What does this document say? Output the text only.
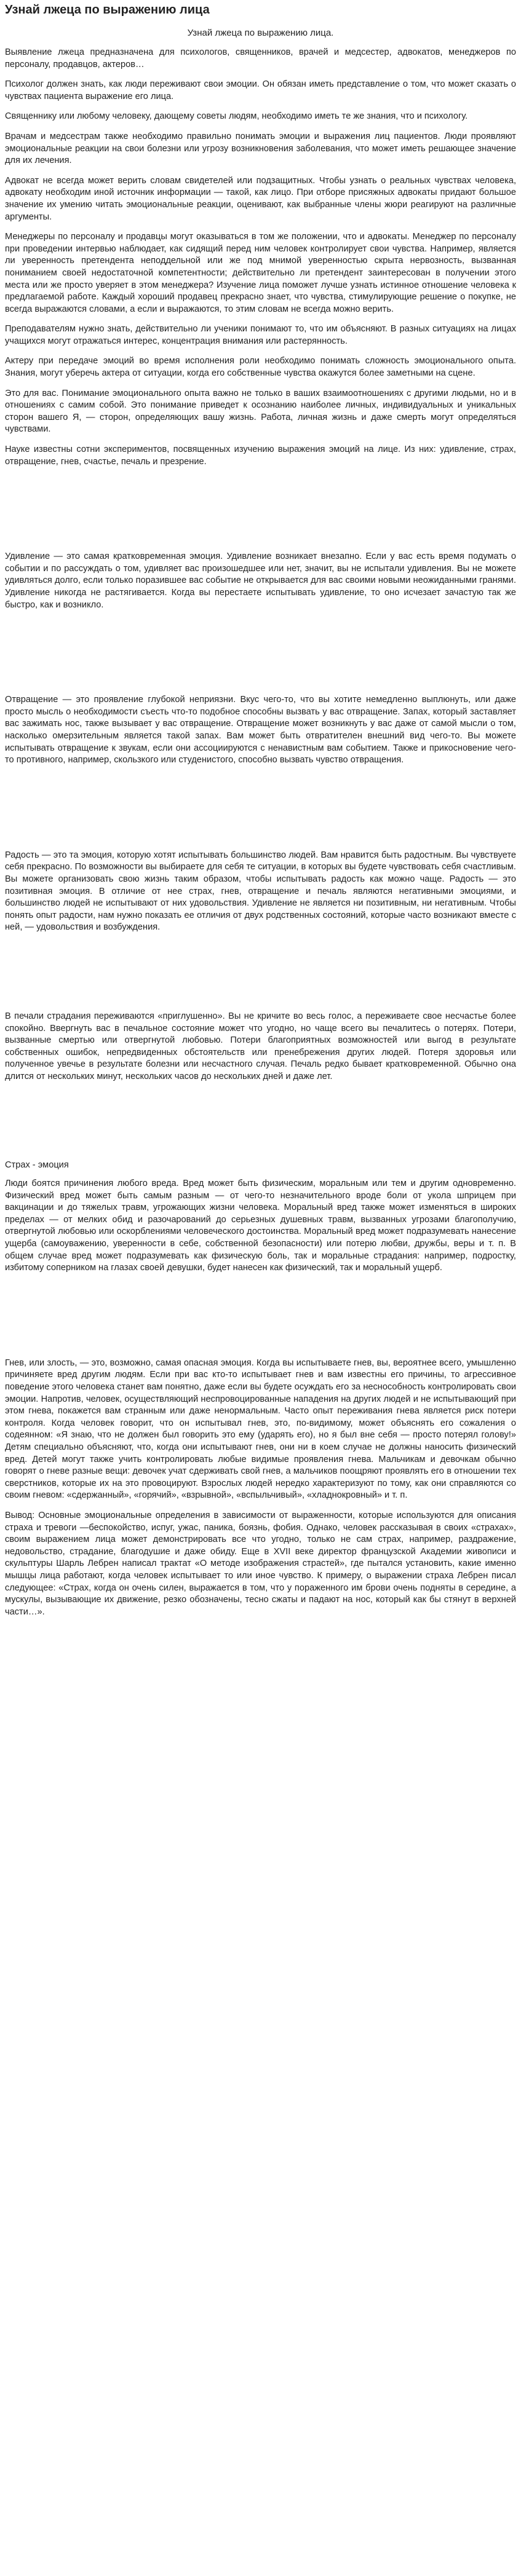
Узнай лжеца по выражению лица
Узнай лжеца по выражению лица.

Выявление лжеца предназначена для психологов, священников, врачей и медсестер, адвокатов, менеджеров по персоналу, продавцов, актеров…

Психолог должен знать, как люди переживают свои эмоции. Он обязан иметь представление о том, что может сказать о чувствах пациента выражение его лица.

Священнику или любому человеку, дающему советы людям, необходимо иметь те же знания, что и психологу.

Врачам и медсестрам также необходимо правильно понимать эмоции и выражения лиц пациентов. Люди проявляют эмоциональные реакции на свои болезни или угрозу возникновения заболевания, что может иметь решающее значение для их лечения.

Адвокат не всегда может верить словам свидетелей или подзащитных. Чтобы узнать о реальных чувствах человека, адвокату необходим иной источник информации — такой, как лицо. При отборе присяжных адвокаты придают большое значение их умению читать эмоциональные реакции, оценивают, как выбранные члены жюри реагируют на различные аргументы.

Менеджеры по персоналу и продавцы могут оказываться в том же положении, что и адвокаты. Менеджер по персоналу при проведении интервью наблюдает, как сидящий перед ним человек контролирует свои чувства. Например, является ли уверенность претендента неподдельной или же под мнимой уверенностью скрыта нервозность, вызванная пониманием своей недостаточной компетентности; действительно ли претендент заинтересован в получении этого места или же просто уверяет в этом менеджера? Изучение лица поможет лучше узнать истинное отношение человека к предлагаемой работе. Каждый хороший продавец прекрасно знает, что чувства, стимулирующие решение о покупке, не всегда выражаются словами, а если и выражаются, то этим словам не всегда можно верить.

Преподавателям нужно знать, действительно ли ученики понимают то, что им объясняют. В разных ситуациях на лицах учащихся могут отражаться интерес, концентрация внимания или растерянность.

Актеру при передаче эмоций во время исполнения роли необходимо понимать сложность эмоционального опыта. Знания, могут уберечь актера от ситуации, когда его собственные чувства окажутся более заметными на сцене.

Это для вас. Понимание эмоционального опыта важно не только в ваших взаимоотношениях с другими людьми, но и в отношениях с самим собой. Это понимание приведет к осознанию наиболее личных, индивидуальных и уникальных сторон вашего Я, — сторон, определяющих вашу жизнь. Работа, личная жизнь и даже смерть могут определяться чувствами.

Науке известны сотни экспериментов, посвященных изучению выражения эмоций на лице. Из них: удивление, страх, отвращение, гнев, счастье, печаль и презрение.

Удивление — это самая кратковременная эмоция. Удивление возникает внезапно. Если у вас есть время подумать о событии и по рассуждать о том, удивляет вас произошедшее или нет, значит, вы не испытали удивления. Вы не можете удивляться долго, если только поразившее вас событие не открывается для вас своими новыми неожиданными гранями. Удивление никогда не растягивается. Когда вы перестаете испытывать удивление, то оно исчезает зачастую так же быстро, как и возникло.

Отвращение — это проявление глубокой неприязни. Вкус чего-то, что вы хотите немедленно выплюнуть, или даже просто мысль о необходимости съесть что-то подобное способны вызвать у вас отвращение. Запах, который заставляет вас зажимать нос, также вызывает у вас отвращение. Отвращение может возникнуть у вас даже от самой мысли о том, насколько омерзительным является такой запах. Вам может быть отвратителен внешний вид чего-то. Вы можете испытывать отвращение к звукам, если они ассоциируются с ненавистным вам событием. Также и прикосновение чего-то противного, например, скользкого или студенистого, способно вызвать чувство отвращения.

Радость — это та эмоция, которую хотят испытывать большинство людей. Вам нравится быть радостным. Вы чувствуете себя прекрасно. По возможности вы выбираете для себя те ситуации, в которых вы будете чувствовать себя счастливым. Вы можете организовать свою жизнь таким образом, чтобы испытывать радость как можно чаще. Радость — это позитивная эмоция. В отличие от нее страх, гнев, отвращение и печаль являются негативными эмоциями, и большинство людей не испытывают от них удовольствия. Удивление не является ни позитивным, ни негативным. Чтобы понять опыт радости, нам нужно показать ее отличия от двух родственных состояний, которые часто возникают вместе с ней, — удовольствия и возбуждения.

В печали страдания переживаются «приглушенно». Вы не кричите во весь голос, а переживаете свое несчастье более спокойно. Ввергнуть вас в печальное состояние может что угодно, но чаще всего вы печалитесь о потерях. Потери, вызванные смертью или отвергнутой любовью. Потери благоприятных возможностей или выгод в результате собственных ошибок, непредвиденных обстоятельств или пренебрежения других людей. Потеря здоровья или полученное увечье в результате болезни или несчастного случая. Печаль редко бывает кратковременной. Обычно она длится от нескольких минут, нескольких часов до нескольких дней и даже лет.

Страх - эмоция

Люди боятся причинения любого вреда. Вред может быть физическим, моральным или тем и другим одновременно. Физический вред может быть самым разным — от чего-то незначительного вроде боли от укола шприцем при вакцинации и до тяжелых травм, угрожающих жизни человека. Моральный вред также может изменяться в широких пределах — от мелких обид и разочарований до серьезных душевных травм, вызванных угрозами благополучию, отвергнутой любовью или оскорблениями человеческого достоинства. Моральный вред может подразумевать нанесение ущерба (самоуважению, уверенности в себе, собственной безопасности) или потерю любви, дружбы, веры и т. п. В общем случае вред может подразумевать как физическую боль, так и моральные страдания: например, подростку, избитому соперником на глазах своей девушки, будет нанесен как физический, так и моральный ущерб.

Гнев, или злость, — это, возможно, самая опасная эмоция. Когда вы испытываете гнев, вы, вероятнее всего, умышленно причиняете вред другим людям. Если при вас кто-то испытывает гнев и вам известны его причины, то агрессивное поведение этого человека станет вам понятно, даже если вы будете осуждать его за неснособность контролировать свои эмоции. Напротив, человек, осуществляющий неспровоцированные нападения на других людей и не испытывающий при этом гнева, покажется вам странным или даже ненормальным. Часто опыт переживания гнева является риск потери контроля. Когда человек говорит, что он испытывал гнев, это, по-видимому, может объяснять его сожаления о содеянном: «Я знаю, что не должен был говорить это ему (ударять его), но я был вне себя — просто потерял голову!» Детям специально объясняют, что, когда они испытывают гнев, они ни в коем случае не должны наносить физический вред. Детей могут также учить контролировать любые видимые проявления гнева. Мальчикам и девочкам обычно говорят о гневе разные вещи: девочек учат сдерживать свой гнев, а мальчиков поощряют проявлять его в отношении тех сверстников, которые их на это провоцируют. Взрослых людей нередко характеризуют по тому, как они справляются со своим гневом: «сдержанный», «горячий», «взрывной», «вспыльчивый», «хладнокровный» и т. п.

Вывод: Основные эмоциональные определения в зависимости от выраженности, которые используются для описания страха и тревоги —беспокойство, испуг, ужас, паника, боязнь, фобия. Однако, человек рассказывая в своих «страхах», своим выражением лица может демонстрировать все что угодно, только не сам страх, например, раздражение, недовольство, страдание, благодушие и даже обиду. Еще в XVII веке директор французской Академии живописи и скульптуры Шарль Лебрен написал трактат «О методе изображения страстей», где пытался установить, какие именно мышцы лица работают, когда человек испытывает то или иное чувство. К примеру, о выражении страха Лебрен писал следующее: «Страх, когда он очень силен, выражается в том, что у пораженного им брови очень подняты в середине, а мускулы, вызывающие их движение, резко обозначены, тесно сжаты и падают на нос, который как бы стянут в верхней части…».
